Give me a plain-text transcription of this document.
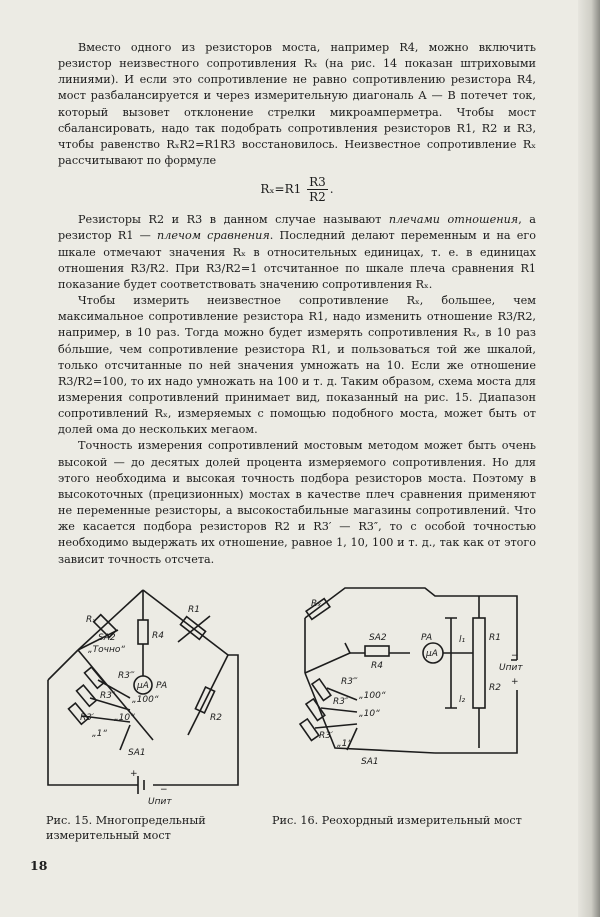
Вместо одного из резисторов моста, например R4, можно включить резистор неизвестного сопротивления Rₓ (на рис. 14 показан штриховыми линиями). И если это сопротивление не равно сопротивлению резистора R4, мост разбалансируется и через измерительную диагональ А — В потечет ток, который вызовет отклонение стрелки микроамперметра. Чтобы мост сбалансировать, надо так подобрать сопротивления резисторов R1, R2 и R3, чтобы равенство RₓR2=R1R3 восстановилось. Неизвестное сопротивление Rₓ рассчитывают по формуле

$R_x=R1 \frac{R3}{R2}$ .

Резисторы R2 и R3 в данном случае называют плечами отношения, а резистор R1 — плечом сравнения. Последний делают переменным и на его шкале отмечают значения Rₓ в относительных единицах, т. е. в единицах отношения R3/R2. При R3/R2=1 отсчитанное по шкале плеча сравнения R1 показание будет соответствовать значению сопротивления Rₓ.

Чтобы измерить неизвестное сопротивление Rₓ, большее, чем максимальное сопротивление резистора R1, надо изменить отношение R3/R2, например, в 10 раз. Тогда можно будет измерять сопротивления Rₓ, в 10 раз бóльшие, чем сопротивление резистора R1, и пользоваться той же шкалой, только отсчитанные по ней значения умножать на 10. Если же отношение R3/R2=100, то их надо умножать на 100 и т. д. Таким образом, схема моста для измерения сопротивлений принимает вид, показанный на рис. 15. Диапазон сопротивлений Rₓ, измеряемых с помощью подобного моста, может быть от долей ома до нескольких мегаом.

Точность измерения сопротивлений мостовым методом может быть очень высокой — до десятых долей процента измеряемого сопротивления. Но для этого необходима и высокая точность подбора резисторов моста. Поэтому в высокоточных (прецизионных) мостах в качестве плеч сравнения применяют не переменные резисторы, а высокостабильные магазины сопротивлений. Что же касается подбора резисторов R2 и R3′ — R3″, то с особой точностью необходимо выдержать их отношение, равное 1, 10, 100 и т. д., так как от этого зависит точность отсчета.

Rₓ
SA2
„Точно“
R4
R1
R3‴
R3″
R3′
„100“
„10“
„1“
μA PA
R2
SA1
+
Uпит
−
Рис. 15. Многопредельный измерительный мост
Rₓ
SA2
R4
μA
PA	l₁
l₂
R1
R2
Uпит
−
+
R3‴
R3″
R3′
„100“
„10“
„1“
SA1
Рис. 16. Реохордный измерительный мост
18
